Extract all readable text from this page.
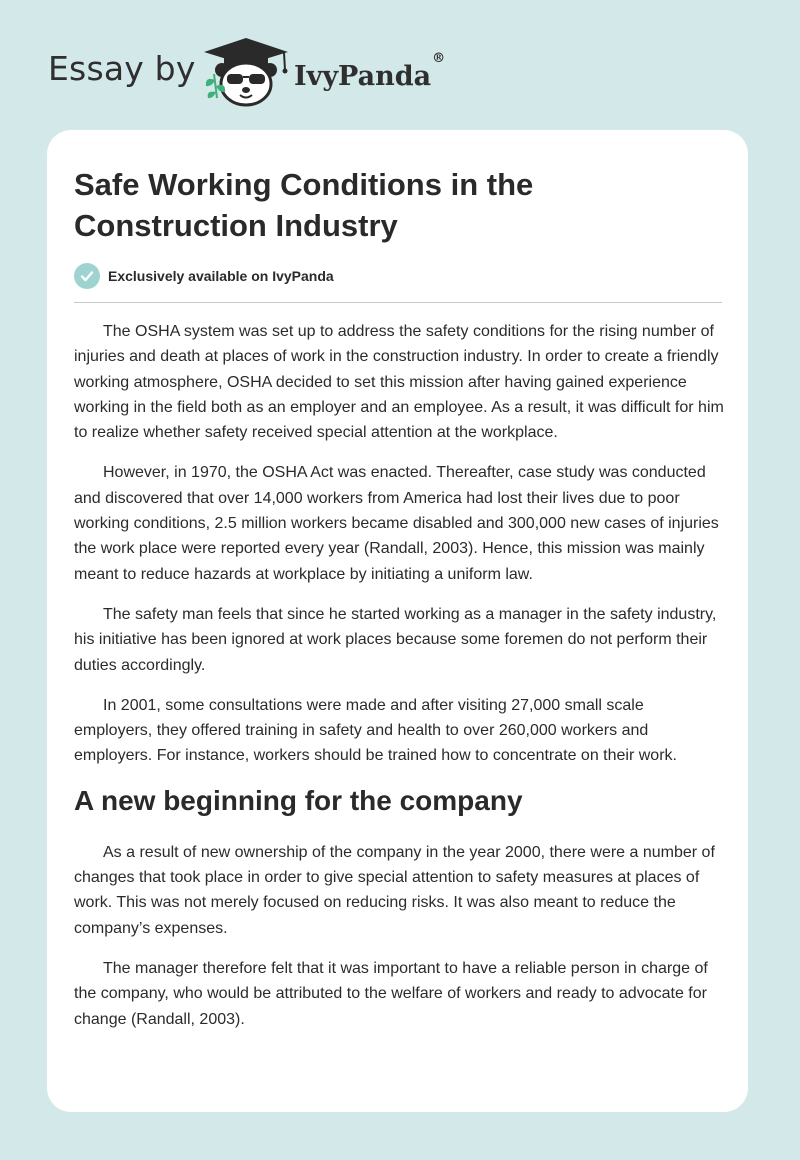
Essay by	IvyPanda®
Safe Working Conditions in the Construction Industry
Exclusively available on IvyPanda

The OSHA system was set up to address the safety conditions for the rising number of injuries and death at places of work in the construction industry. In order to create a friendly working atmosphere, OSHA decided to set this mission after having gained experience working in the field both as an employer and an employee. As a result, it was difficult for him to realize whether safety received special attention at the workplace.

However, in 1970, the OSHA Act was enacted. Thereafter, case study was conducted and discovered that over 14,000 workers from America had lost their lives due to poor working conditions, 2.5 million workers became disabled and 300,000 new cases of injuries the work place were reported every year (Randall, 2003). Hence, this mission was mainly meant to reduce hazards at workplace by initiating a uniform law.

The safety man feels that since he started working as a manager in the safety industry, his initiative has been ignored at work places because some foremen do not perform their duties accordingly.

In 2001, some consultations were made and after visiting 27,000 small scale employers, they offered training in safety and health to over 260,000 workers and employers. For instance, workers should be trained how to concentrate on their work.

A new beginning for the company

As a result of new ownership of the company in the year 2000, there were a number of changes that took place in order to give special attention to safety measures at places of work. This was not merely focused on reducing risks. It was also meant to reduce the company’s expenses.

The manager therefore felt that it was important to have a reliable person in charge of the company, who would be attributed to the welfare of workers and ready to advocate for change (Randall, 2003).
